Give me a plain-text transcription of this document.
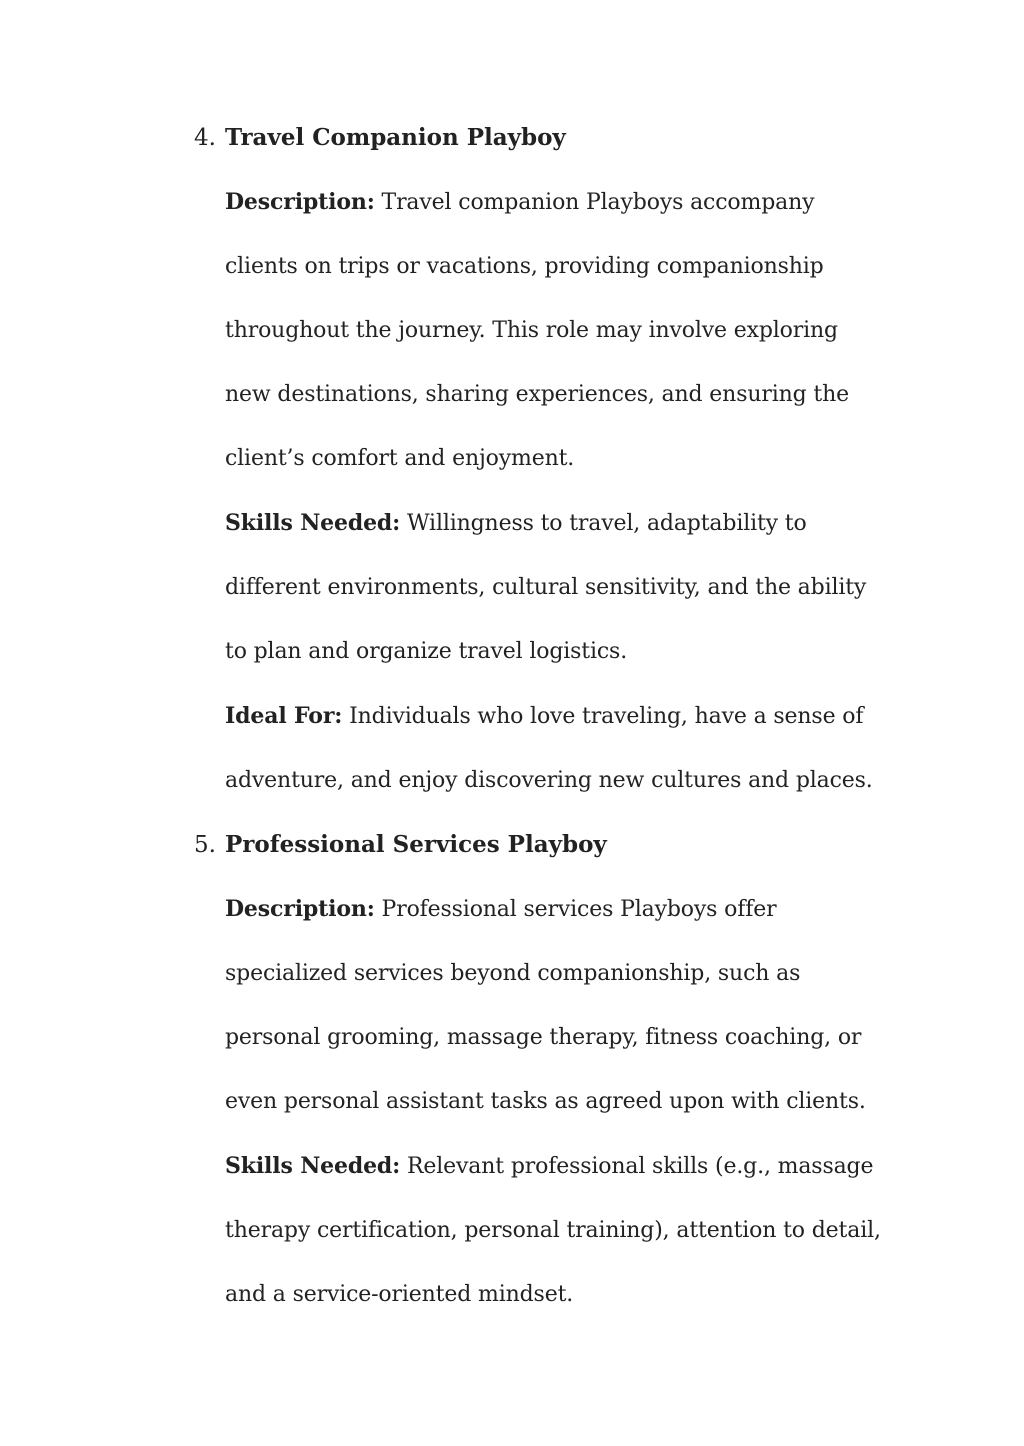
4. Travel Companion Playboy

Description: Travel companion Playboys accompany
clients on trips or vacations, providing companionship
throughout the journey. This role may involve exploring
new destinations, sharing experiences, and ensuring the
client’s comfort and enjoyment.

Skills Needed: Willingness to travel, adaptability to
different environments, cultural sensitivity, and the ability
to plan and organize travel logistics.

Ideal For: Individuals who love traveling, have a sense of
adventure, and enjoy discovering new cultures and places.

5. Professional Services Playboy

Description: Professional services Playboys offer
specialized services beyond companionship, such as
personal grooming, massage therapy, fitness coaching, or
even personal assistant tasks as agreed upon with clients.

Skills Needed: Relevant professional skills (e.g., massage
therapy certification, personal training), attention to detail,
and a service-oriented mindset.
